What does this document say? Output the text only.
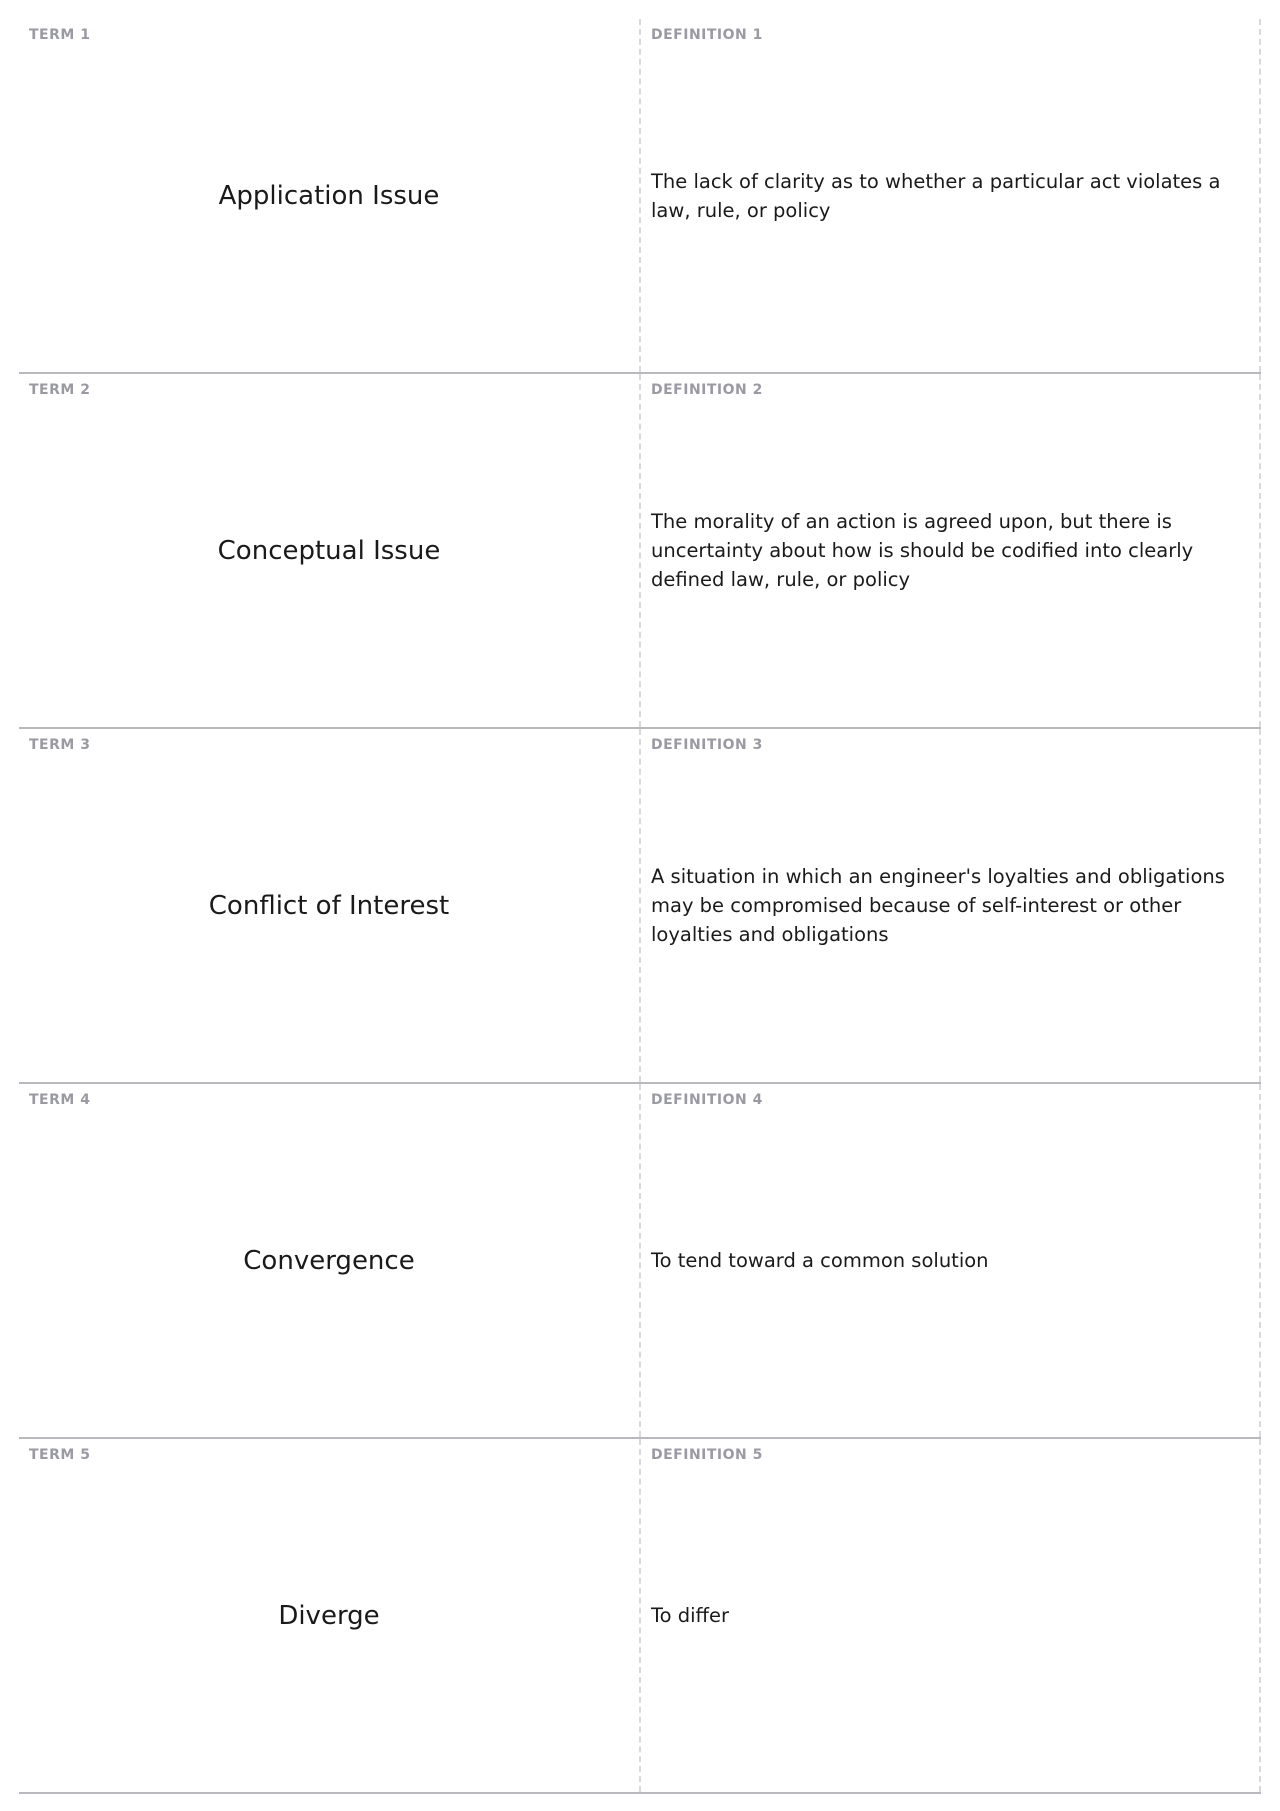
TERM 1
Application Issue
DEFINITION 1
The lack of clarity as to whether a particular act violates a law, rule, or policy
TERM 2
Conceptual Issue
DEFINITION 2
The morality of an action is agreed upon, but there is uncertainty about how is should be codified into clearly defined law, rule, or policy
TERM 3
Conflict of Interest
DEFINITION 3
A situation in which an engineer's loyalties and obligations may be compromised because of self-interest or other loyalties and obligations
TERM 4
Convergence
DEFINITION 4
To tend toward a common solution
TERM 5
Diverge
DEFINITION 5
To differ
